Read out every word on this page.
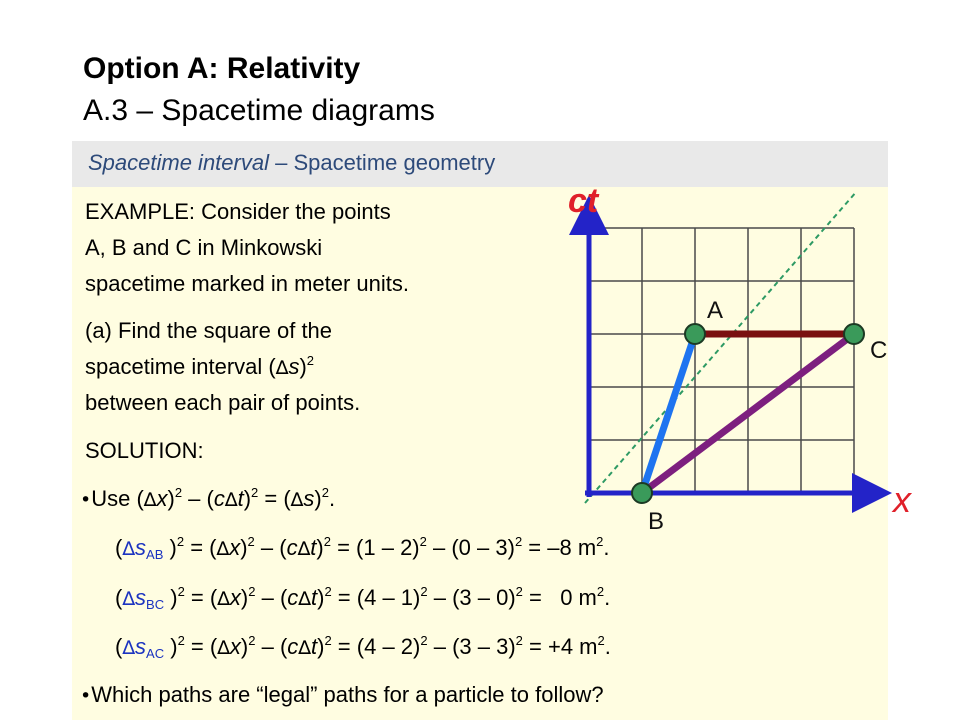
Option A: Relativity
A.3 – Spacetime diagrams
Spacetime interval – Spacetime geometry
EXAMPLE: Consider the points
A, B and C in Minkowski
spacetime marked in meter units.
(a) Find the square of the
spacetime interval $(\Delta s)^2$
between each pair of points.
SOLUTION:
•Use $(\Delta x)^2 - (c\Delta t)^2 = (\Delta s)^2$.
($\Delta s_{AB}$ )$^2 = (\Delta x)^2 - (c\Delta t)^2 = (1 - 2)^2 - (0 - 3)^2 = -8$ $m^2$.
($\Delta s_{BC}$ )$^2 = (\Delta x)^2 - (c\Delta t)^2 = (4 - 1)^2 - (3 - 0)^2 = 0$ $m^2$.
($\Delta s_{AC}$ )$^2 = (\Delta x)^2 - (c\Delta t)^2 = (4 - 2)^2 - (3 - 3)^2 = +4$ $m^2$.
•Which paths are “legal” paths for a particle to follow?
A
B
C
ct
x
